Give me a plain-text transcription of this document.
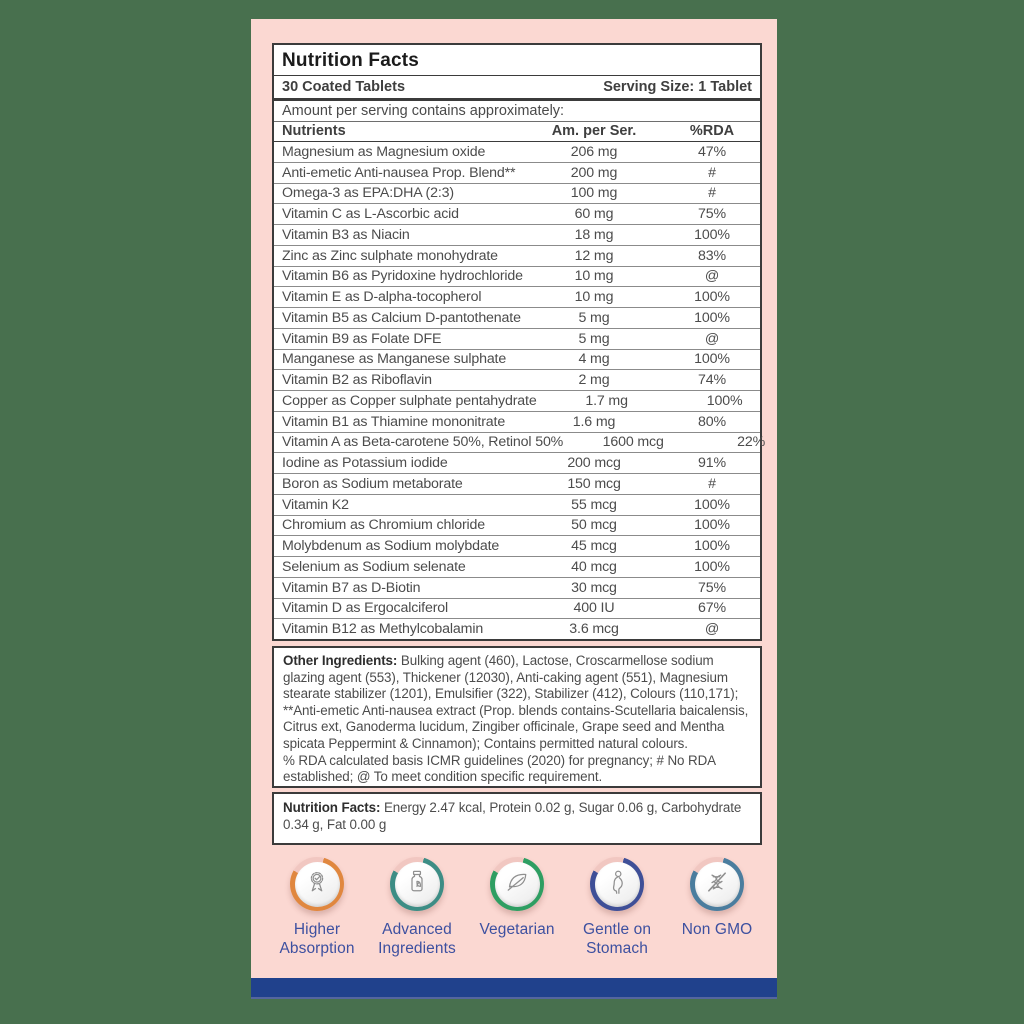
Nutrition Facts
30 Coated Tablets	Serving Size: 1 Tablet
Amount per serving contains approximately:
Nutrients	Am. per Ser.	%RDA
Magnesium as Magnesium oxide	206 mg	47%
Anti-emetic Anti-nausea Prop. Blend**	200 mg	#
Omega-3 as EPA:DHA (2:3)	100 mg	#
Vitamin C as L-Ascorbic acid	60 mg	75%
Vitamin B3 as Niacin	18 mg	100%
Zinc as Zinc sulphate monohydrate	12 mg	83%
Vitamin B6 as Pyridoxine hydrochloride	10 mg	@
Vitamin E as D-alpha-tocopherol	10 mg	100%
Vitamin B5 as Calcium D-pantothenate	5 mg	100%
Vitamin B9 as Folate DFE	5 mg	@
Manganese as Manganese sulphate	4 mg	100%
Vitamin B2 as Riboflavin	2 mg	74%
Copper as Copper sulphate pentahydrate	1.7 mg	100%
Vitamin B1 as Thiamine mononitrate	1.6 mg	80%
Vitamin A as Beta-carotene 50%, Retinol 50%	1600 mcg	22%
Iodine as Potassium iodide	200 mcg	91%
Boron as Sodium metaborate	150 mcg	#
Vitamin K2	55 mcg	100%
Chromium as Chromium chloride	50 mcg	100%
Molybdenum as Sodium molybdate	45 mcg	100%
Selenium as Sodium selenate	40 mcg	100%
Vitamin B7 as D-Biotin	30 mcg	75%
Vitamin D as Ergocalciferol	400 IU	67%
Vitamin B12 as Methylcobalamin	3.6 mcg	@
Other Ingredients: Bulking agent (460), Lactose, Croscarmellose sodium glazing agent (553), Thickener (12030), Anti-caking agent (551), Magnesium stearate stabilizer (1201), Emulsifier (322), Stabilizer (412), Colours (110,171); **Anti-emetic Anti-nausea extract (Prop. blends contains-Scutellaria baicalensis, Citrus ext, Ganoderma lucidum, Zingiber officinale, Grape seed and Mentha spicata Peppermint & Cinnamon); Contains permitted natural colours.
% RDA calculated basis ICMR guidelines (2020) for pregnancy; # No RDA established; @ To meet condition specific requirement.
Nutrition Facts: Energy 2.47 kcal, Protein 0.02 g, Sugar 0.06 g, Carbohydrate 0.34 g, Fat 0.00 g
Higher Absorption
Advanced Ingredients
Vegetarian	Gentle on Stomach
Non GMO
